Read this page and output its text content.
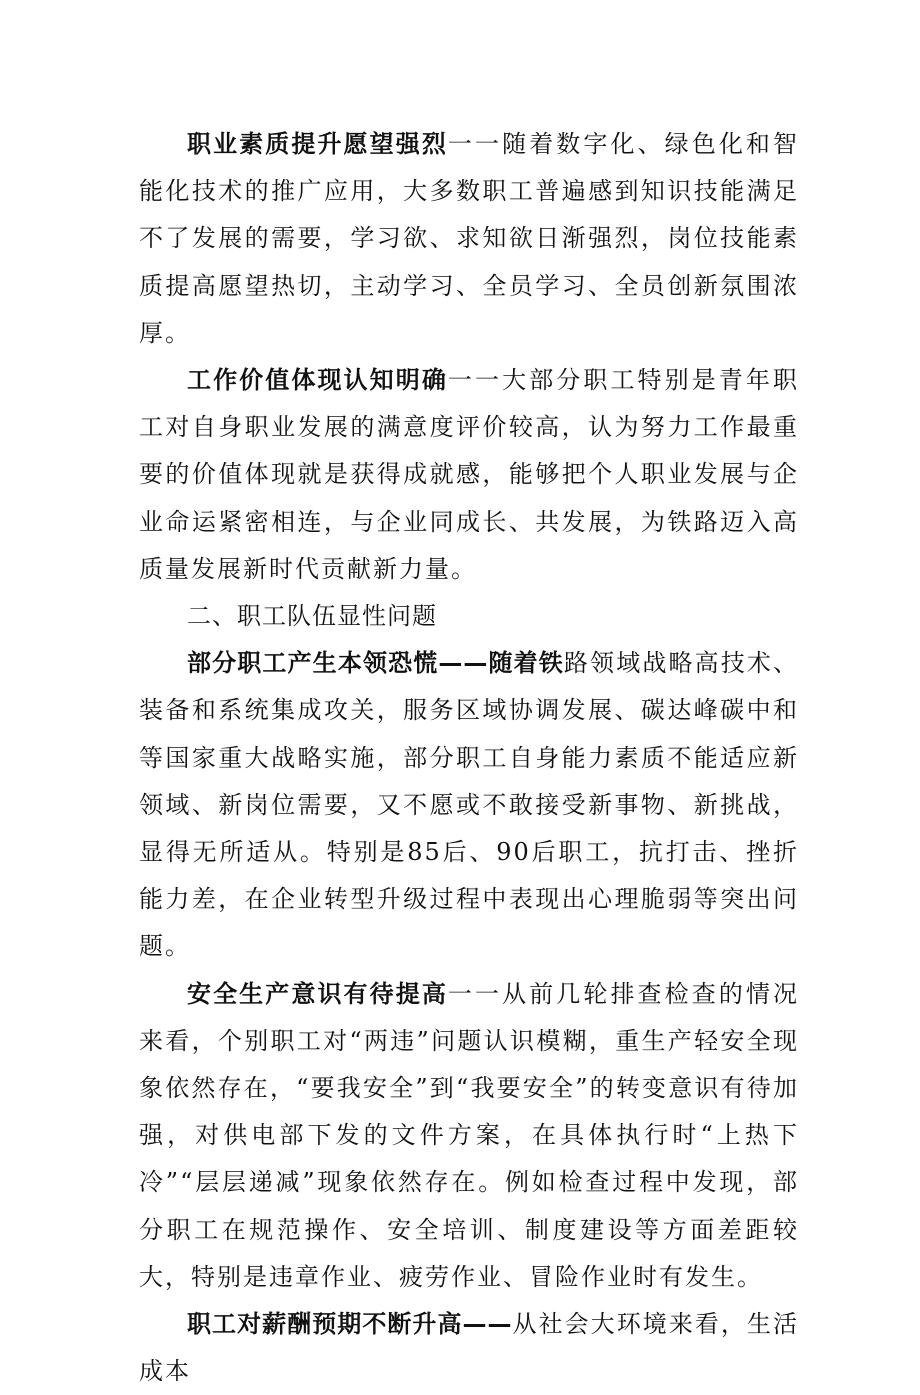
职业素质提升愿望强烈一一随着数字化、绿色化和智能化技术的推广应用，大多数职工普遍感到知识技能满足不了发展的需要，学习欲、求知欲日渐强烈，岗位技能素质提高愿望热切，主动学习、全员学习、全员创新氛围浓厚。

工作价值体现认知明确一一大部分职工特别是青年职工对自身职业发展的满意度评价较高，认为努力工作最重要的价值体现就是获得成就感，能够把个人职业发展与企业命运紧密相连，与企业同成长、共发展，为铁路迈入高质量发展新时代贡献新力量。

二、职工队伍显性问题

部分职工产生本领恐慌——随着铁路领域战略高技术、装备和系统集成攻关，服务区域协调发展、碳达峰碳中和等国家重大战略实施，部分职工自身能力素质不能适应新领域、新岗位需要，又不愿或不敢接受新事物、新挑战，显得无所适从。特别是85后、90后职工，抗打击、挫折能力差，在企业转型升级过程中表现出心理脆弱等突出问题。

安全生产意识有待提高一一从前几轮排查检查的情况来看，个别职工对“两违”问题认识模糊，重生产轻安全现象依然存在，“要我安全”到“我要安全”的转变意识有待加强，对供电部下发的文件方案，在具体执行时“上热下冷”“层层递减”现象依然存在。例如检查过程中发现，部分职工在规范操作、安全培训、制度建设等方面差距较大，特别是违章作业、疲劳作业、冒险作业时有发生。

职工对薪酬预期不断升高——从社会大环境来看，生活成本
